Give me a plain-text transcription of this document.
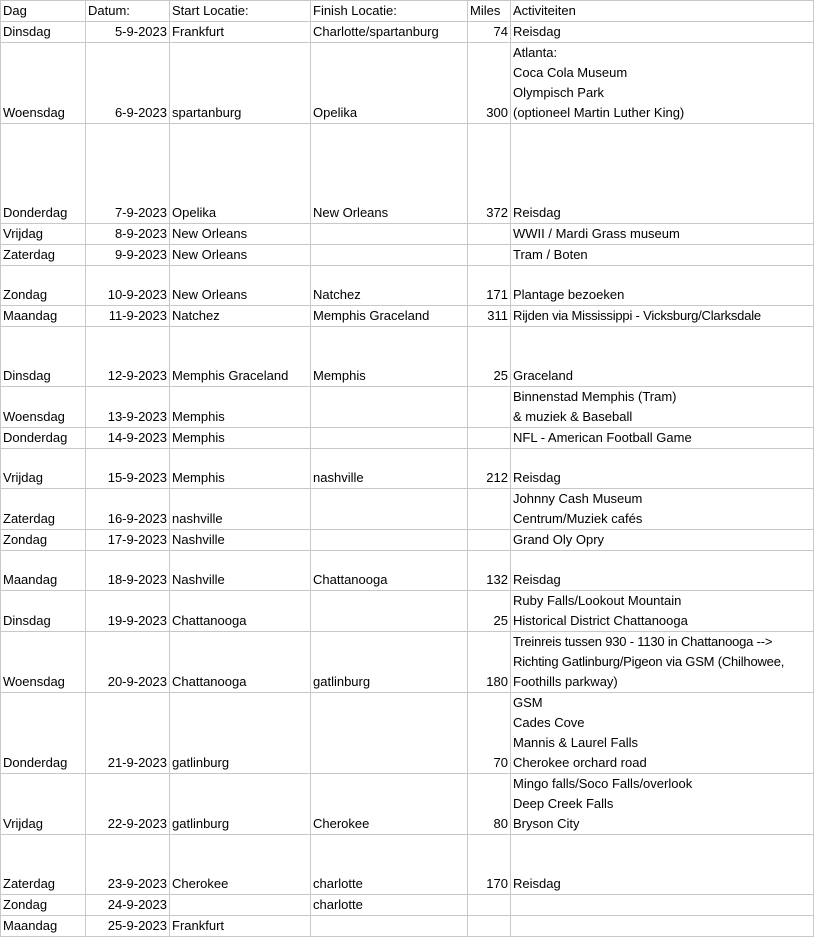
Dag	Datum:	Start Locatie:	Finish Locatie:	Miles	Activiteiten
Dinsdag	5-9-2023	Frankfurt	Charlotte/spartanburg	74	Reisdag

Woensdag	6-9-2023	spartanburg	Opelika	300	Atlanta:
Coca Cola Museum
Olympisch Park
(optioneel Martin Luther King)

Donderdag	7-9-2023	Opelika	New Orleans	372	Reisdag

Vrijdag	8-9-2023	New Orleans			WWII / Mardi Grass museum

Zaterdag	9-9-2023	New Orleans			Tram / Boten

Zondag	10-9-2023	New Orleans	Natchez	171	Plantage bezoeken

Maandag	11-9-2023	Natchez	Memphis Graceland	311	Rijden via Mississippi - Vicksburg/Clarksdale

Dinsdag	12-9-2023	Memphis Graceland	Memphis	25	Graceland

Woensdag	13-9-2023	Memphis			Binnenstad Memphis (Tram)
& muziek & Baseball

Donderdag	14-9-2023	Memphis			NFL - American Football Game

Vrijdag	15-9-2023	Memphis	nashville	212	Reisdag

Zaterdag	16-9-2023	nashville			Johnny Cash Museum
Centrum/Muziek cafés

Zondag	17-9-2023	Nashville			Grand Oly Opry

Maandag	18-9-2023	Nashville	Chattanooga	132	Reisdag

Dinsdag	19-9-2023	Chattanooga		25	Ruby Falls/Lookout Mountain
Historical District Chattanooga

Woensdag	20-9-2023	Chattanooga	gatlinburg	180	Treinreis tussen 930 - 1130 in Chattanooga -->
Richting Gatlinburg/Pigeon via GSM (Chilhowee,
Foothills parkway)

Donderdag	21-9-2023	gatlinburg		70	GSM
Cades Cove
Mannis & Laurel Falls
Cherokee orchard road

Vrijdag	22-9-2023	gatlinburg	Cherokee	80	Mingo falls/Soco Falls/overlook
Deep Creek Falls
Bryson City

Zaterdag	23-9-2023	Cherokee	charlotte	170	Reisdag

Zondag	24-9-2023		charlotte		

Maandag	25-9-2023	Frankfurt			
